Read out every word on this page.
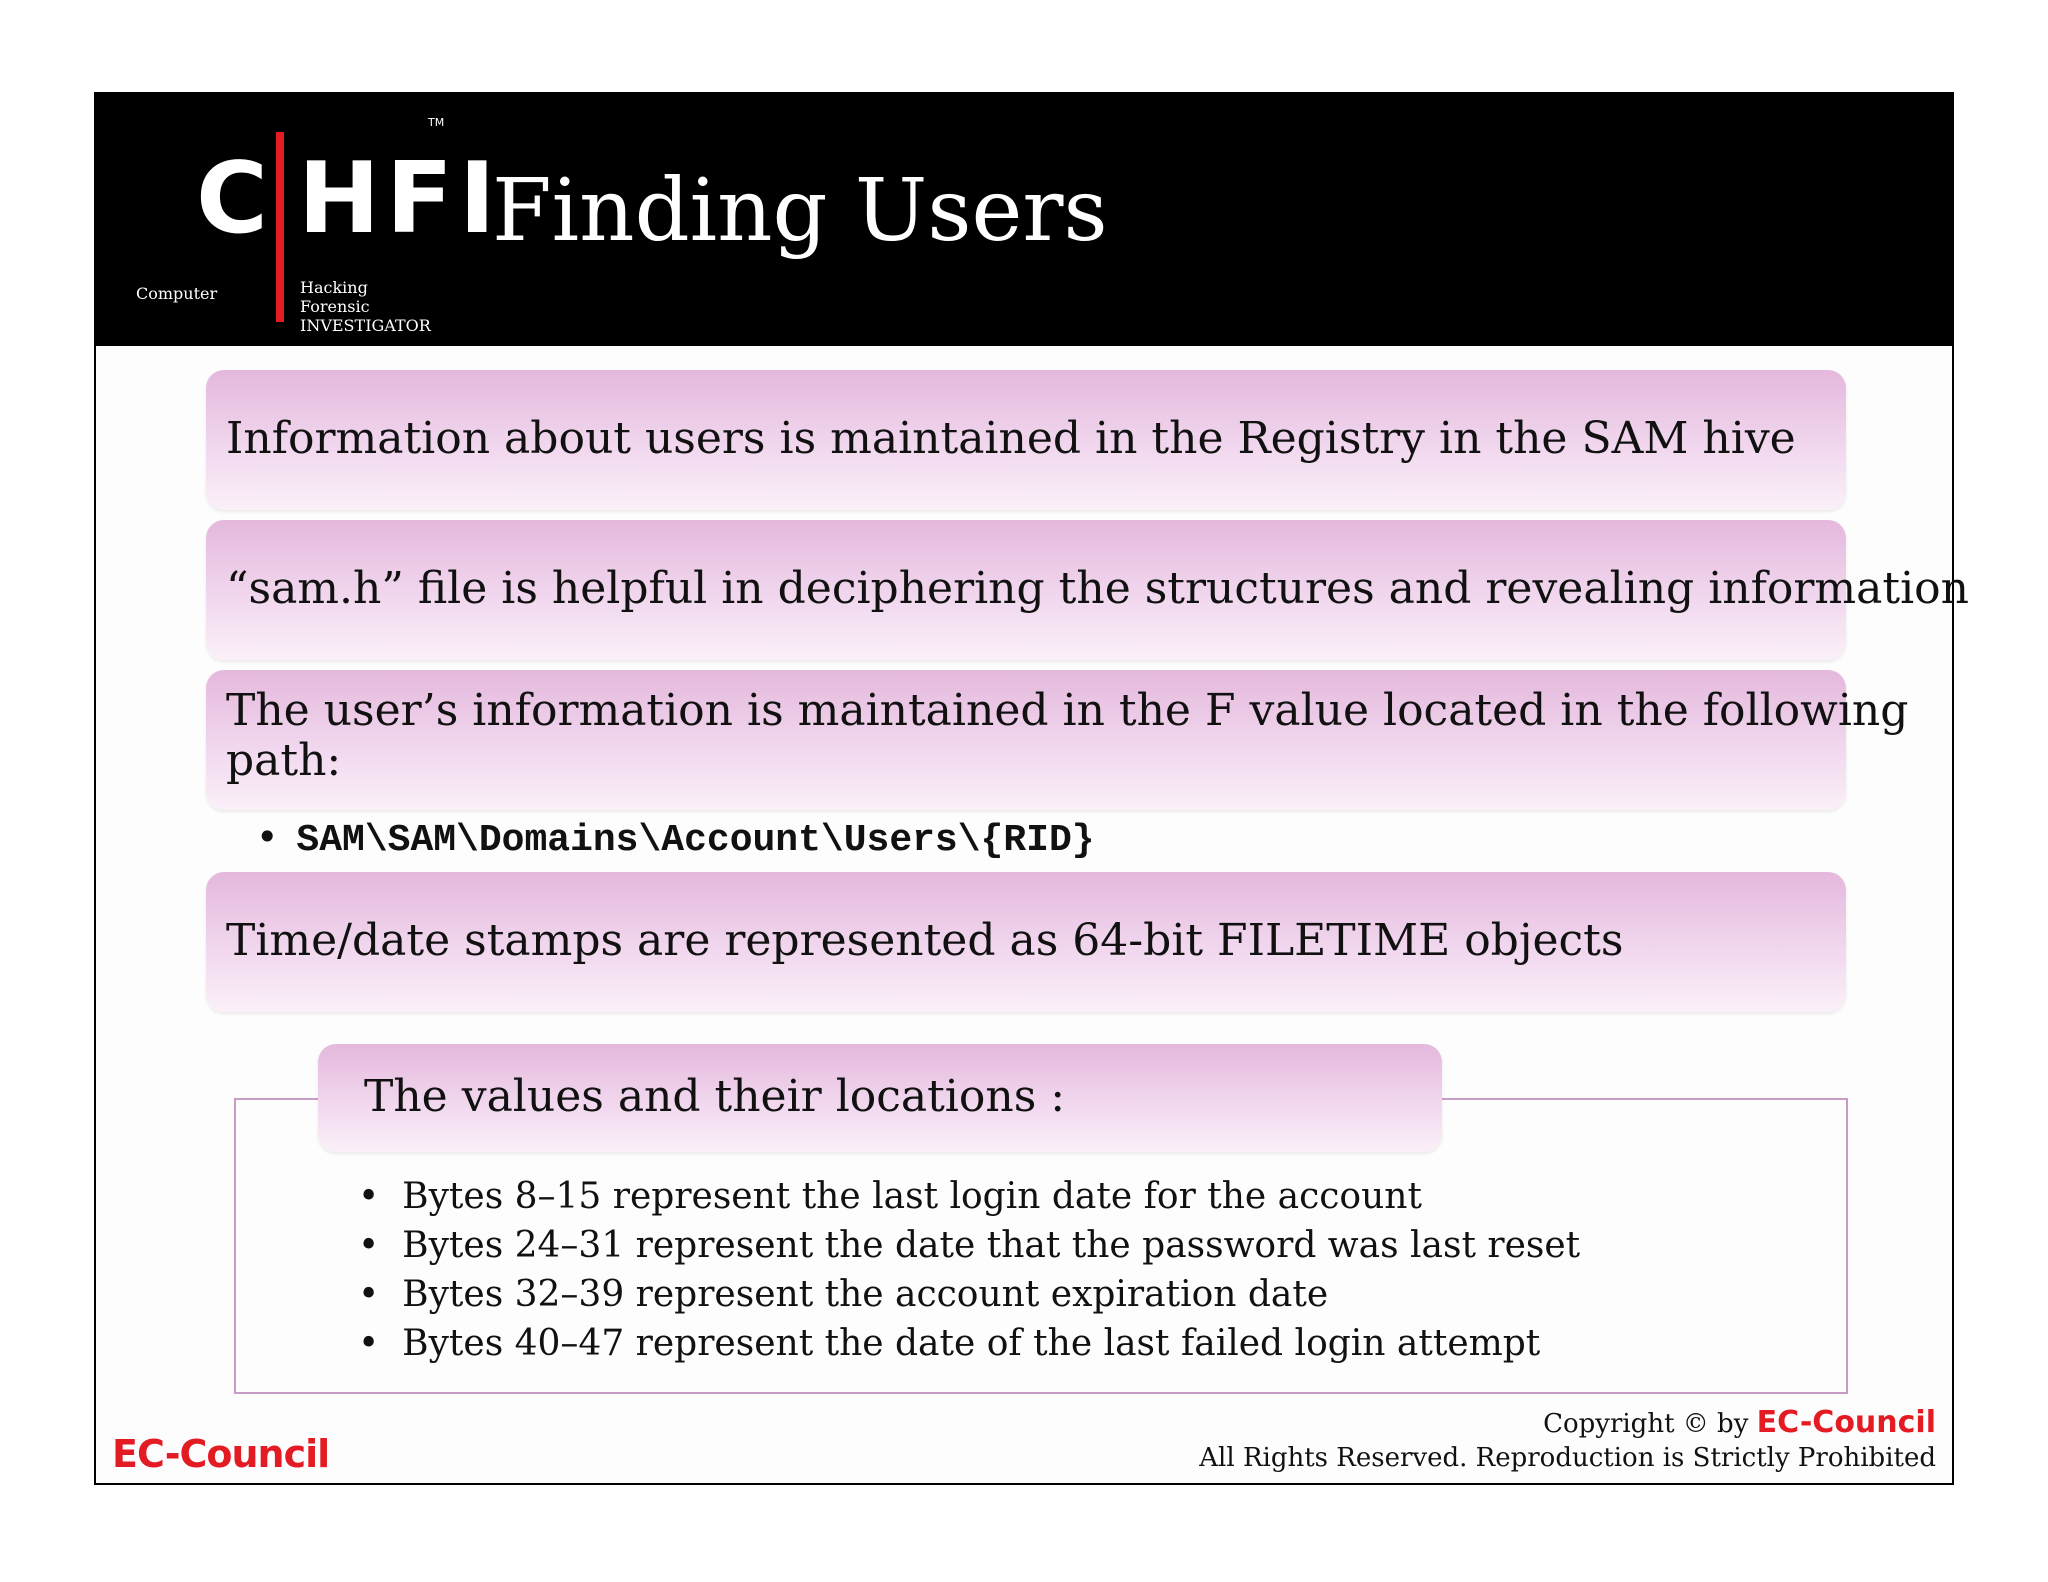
C HFI
TM
Computer	Hacking Forensic
INVESTIGATOR
Finding Users
Information about users is maintained in the Registry in the SAM hive
“sam.h” file is helpful in deciphering the structures and revealing information
The user’s information is maintained in the F value located in the following
path:
• SAM\SAM\Domains\Account\Users\{RID}
Time/date stamps are represented as 64-bit FILETIME objects
The values and their locations :
• Bytes 8–15 represent the last login date for the account
• Bytes 24–31 represent the date that the password was last reset
• Bytes 32–39 represent the account expiration date
• Bytes 40–47 represent the date of the last failed login attempt
EC-Council
Copyright © by EC-Council
All Rights Reserved. Reproduction is Strictly Prohibited
